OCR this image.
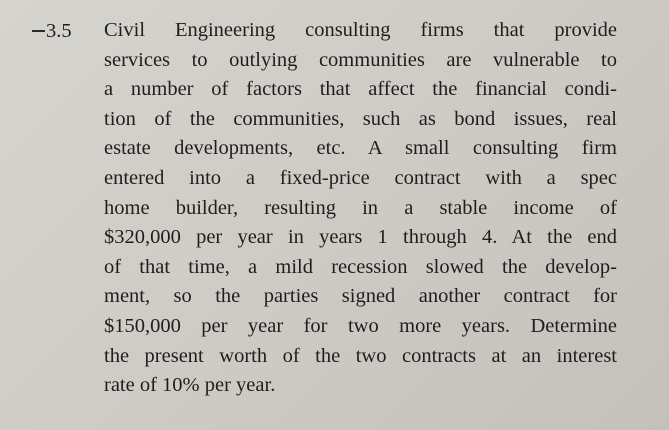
3.5 Civil Engineering consulting firms that provide
services to outlying communities are vulnerable to
a number of factors that affect the financial condi-
tion of the communities, such as bond issues, real
estate developments, etc. A small consulting firm
entered into a fixed-price contract with a spec
home builder, resulting in a stable income of
$320,000 per year in years 1 through 4. At the end
of that time, a mild recession slowed the develop-
ment, so the parties signed another contract for
$150,000 per year for two more years. Determine
the present worth of the two contracts at an interest
rate of 10% per year.
